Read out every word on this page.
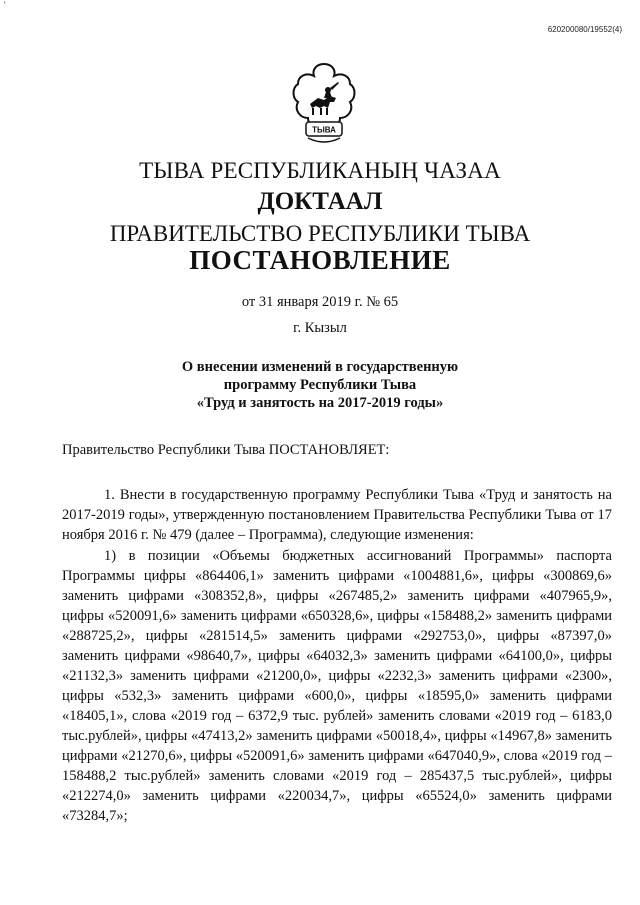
'
620200080/19552(4)
ТЫВА
ТЫВА РЕСПУБЛИКАНЫҢ ЧАЗАА
ДОКТААЛ
ПРАВИТЕЛЬСТВО РЕСПУБЛИКИ ТЫВА
ПОСТАНОВЛЕНИЕ
от 31 января 2019 г. № 65
г. Кызыл
О внесении изменений в государственную
программу Республики Тыва
«Труд и занятость на 2017-2019 годы»
Правительство Республики Тыва ПОСТАНОВЛЯЕТ:
1. Внести в государственную программу Республики Тыва «Труд и занятость на 2017-2019 годы», утвержденную постановлением Правительства Республики Тыва от 17 ноября 2016 г. № 479 (далее – Программа), следующие изменения:
1) в позиции «Объемы бюджетных ассигнований Программы» паспорта Программы цифры «864406,1» заменить цифрами «1004881,6», цифры «300869,6» заменить цифрами «308352,8», цифры «267485,2» заменить цифрами «407965,9», цифры «520091,6» заменить цифрами «650328,6», цифры «158488,2» заменить цифрами «288725,2», цифры «281514,5» заменить цифрами «292753,0», цифры «87397,0» заменить цифрами «98640,7», цифры «64032,3» заменить цифрами «64100,0», цифры «21132,3» заменить цифрами «21200,0», цифры «2232,3» заменить цифрами «2300», цифры «532,3» заменить цифрами «600,0», цифры «18595,0» заменить цифрами «18405,1», слова «2019 год – 6372,9 тыс. рублей» заменить словами «2019 год – 6183,0 тыс.рублей», цифры «47413,2» заменить цифрами «50018,4», цифры «14967,8» заменить цифрами «21270,6», цифры «520091,6» заменить цифрами «647040,9», слова «2019 год – 158488,2 тыс.рублей» заменить словами «2019 год – 285437,5 тыс.рублей», цифры «212274,0» заменить цифрами «220034,7», цифры «65524,0» заменить цифрами «73284,7»;
